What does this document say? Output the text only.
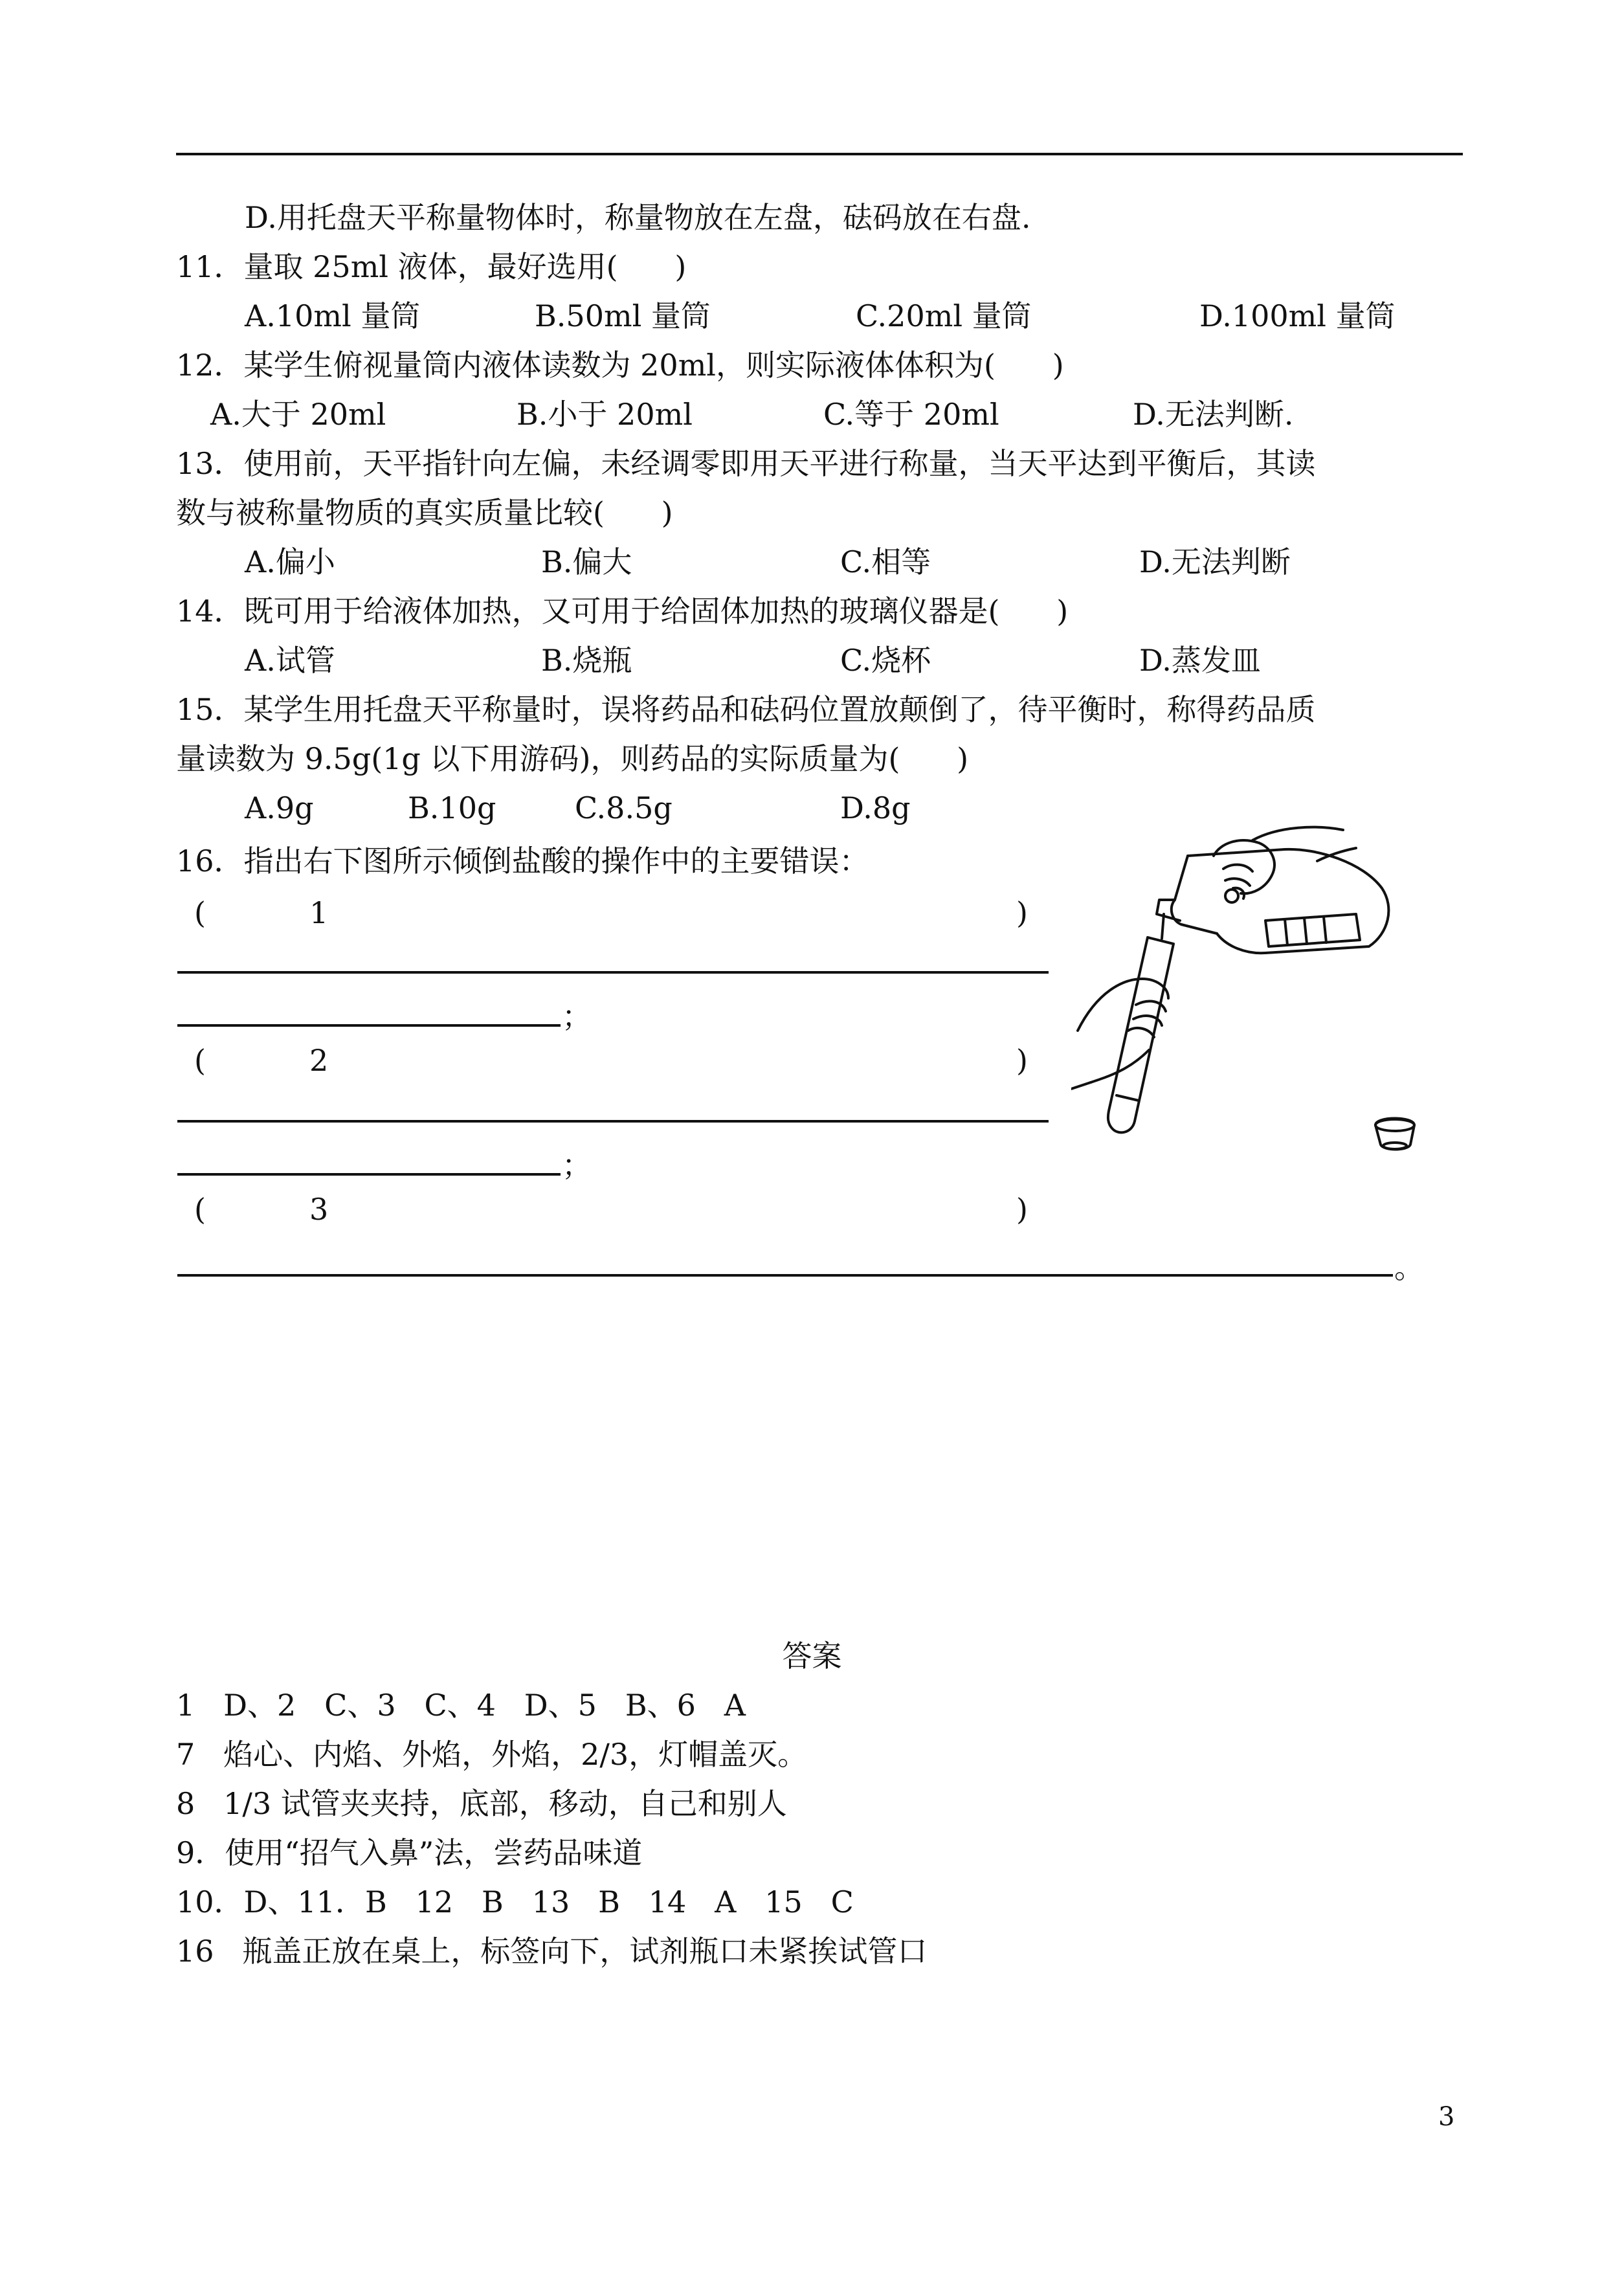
D.用托盘天平称量物体时，称量物放在左盘，砝码放在右盘.
11．量取 25ml 液体，最好选用(      )
A.10ml 量筒	B.50ml 量筒	C.20ml 量筒	D.100ml 量筒
12．某学生俯视量筒内液体读数为 20ml，则实际液体体积为(      )
A.大于 20ml	B.小于 20ml	C.等于 20ml	D.无法判断.
13．使用前，天平指针向左偏，未经调零即用天平进行称量，当天平达到平衡后，其读
数与被称量物质的真实质量比较(      )
A.偏小	B.偏大	C.相等	D.无法判断
14．既可用于给液体加热，又可用于给固体加热的玻璃仪器是(      )
A.试管	B.烧瓶	C.烧杯	D.蒸发皿
15．某学生用托盘天平称量时，误将药品和砝码位置放颠倒了，待平衡时，称得药品质
量读数为 9.5g(1g 以下用游码)，则药品的实际质量为(      )
A.9g	B.10g	C.8.5g	D.8g
16．指出右下图所示倾倒盐酸的操作中的主要错误：
(	1	)
；
(	2	)
；
(	3	)
。
答案
1   D、2   C、3   C、4   D、5   B、6   A
7   焰心、内焰、外焰，外焰，2/3，灯帽盖灭。
8   1/3 试管夹夹持，底部，移动，自己和别人
9．使用“招气入鼻”法，尝药品味道
10．D、11．B   12   B   13   B   14   A   15   C
16   瓶盖正放在桌上，标签向下，试剂瓶口未紧挨试管口
3
